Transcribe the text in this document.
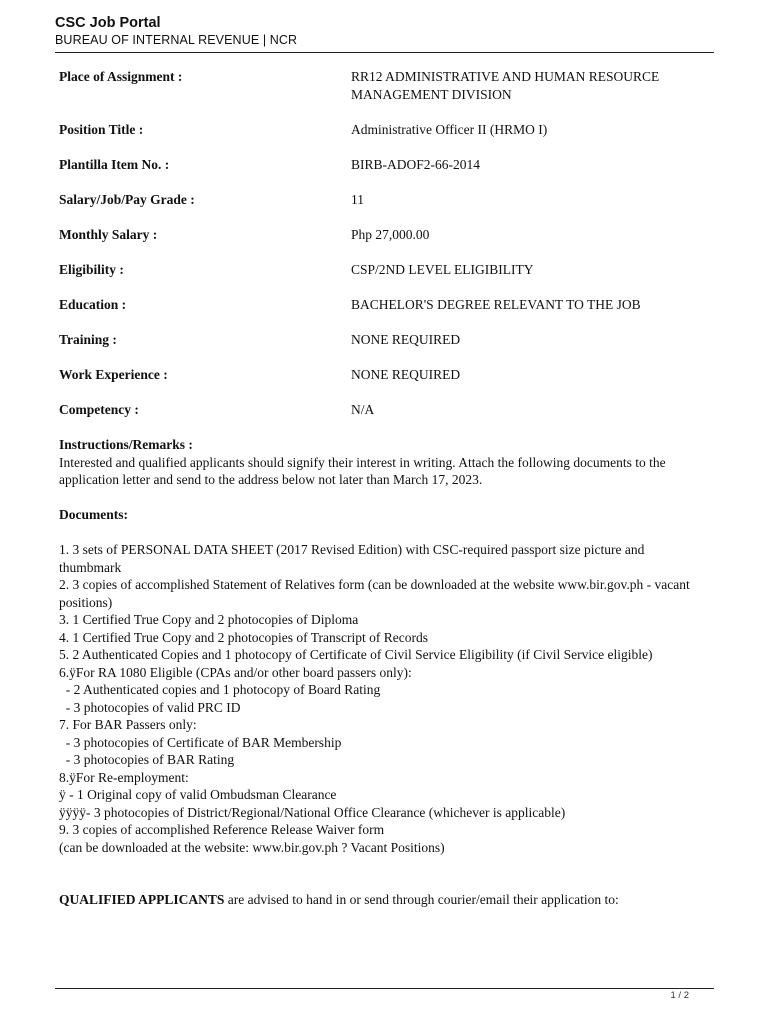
CSC Job Portal
BUREAU OF INTERNAL REVENUE | NCR
Place of Assignment :	RR12 ADMINISTRATIVE AND HUMAN RESOURCE MANAGEMENT DIVISION
Position Title :	Administrative Officer II (HRMO I)
Plantilla Item No. :	BIRB-ADOF2-66-2014
Salary/Job/Pay Grade :	11
Monthly Salary :	Php 27,000.00
Eligibility :	CSP/2ND LEVEL ELIGIBILITY
Education :	BACHELOR'S DEGREE RELEVANT TO THE JOB
Training :	NONE REQUIRED
Work Experience :	NONE REQUIRED
Competency :	N/A
Instructions/Remarks :
Interested and qualified applicants should signify their interest in writing. Attach the following documents to the application letter and send to the address below not later than March 17, 2023.
Documents:
1. 3 sets of PERSONAL DATA SHEET (2017 Revised Edition) with CSC-required passport size picture and thumbmark
2. 3 copies of accomplished Statement of Relatives form (can be downloaded at the website www.bir.gov.ph - vacant positions)
3. 1 Certified True Copy and 2 photocopies of Diploma
4. 1 Certified True Copy and 2 photocopies of Transcript of Records
5. 2 Authenticated Copies and 1 photocopy of Certificate of Civil Service Eligibility (if Civil Service eligible)
6.ÿFor RA 1080 Eligible (CPAs and/or other board passers only):
- 2 Authenticated copies and 1 photocopy of Board Rating
- 3 photocopies of valid PRC ID
7. For BAR Passers only:
- 3 photocopies of Certificate of BAR Membership
- 3 photocopies of BAR Rating
8.ÿFor Re-employment:
ÿ - 1 Original copy of valid Ombudsman Clearance
ÿÿÿÿ- 3 photocopies of District/Regional/National Office Clearance (whichever is applicable)
9. 3 copies of accomplished Reference Release Waiver form
(can be downloaded at the website: www.bir.gov.ph ? Vacant Positions)
QUALIFIED APPLICANTS are advised to hand in or send through courier/email their application to:
1 / 2
